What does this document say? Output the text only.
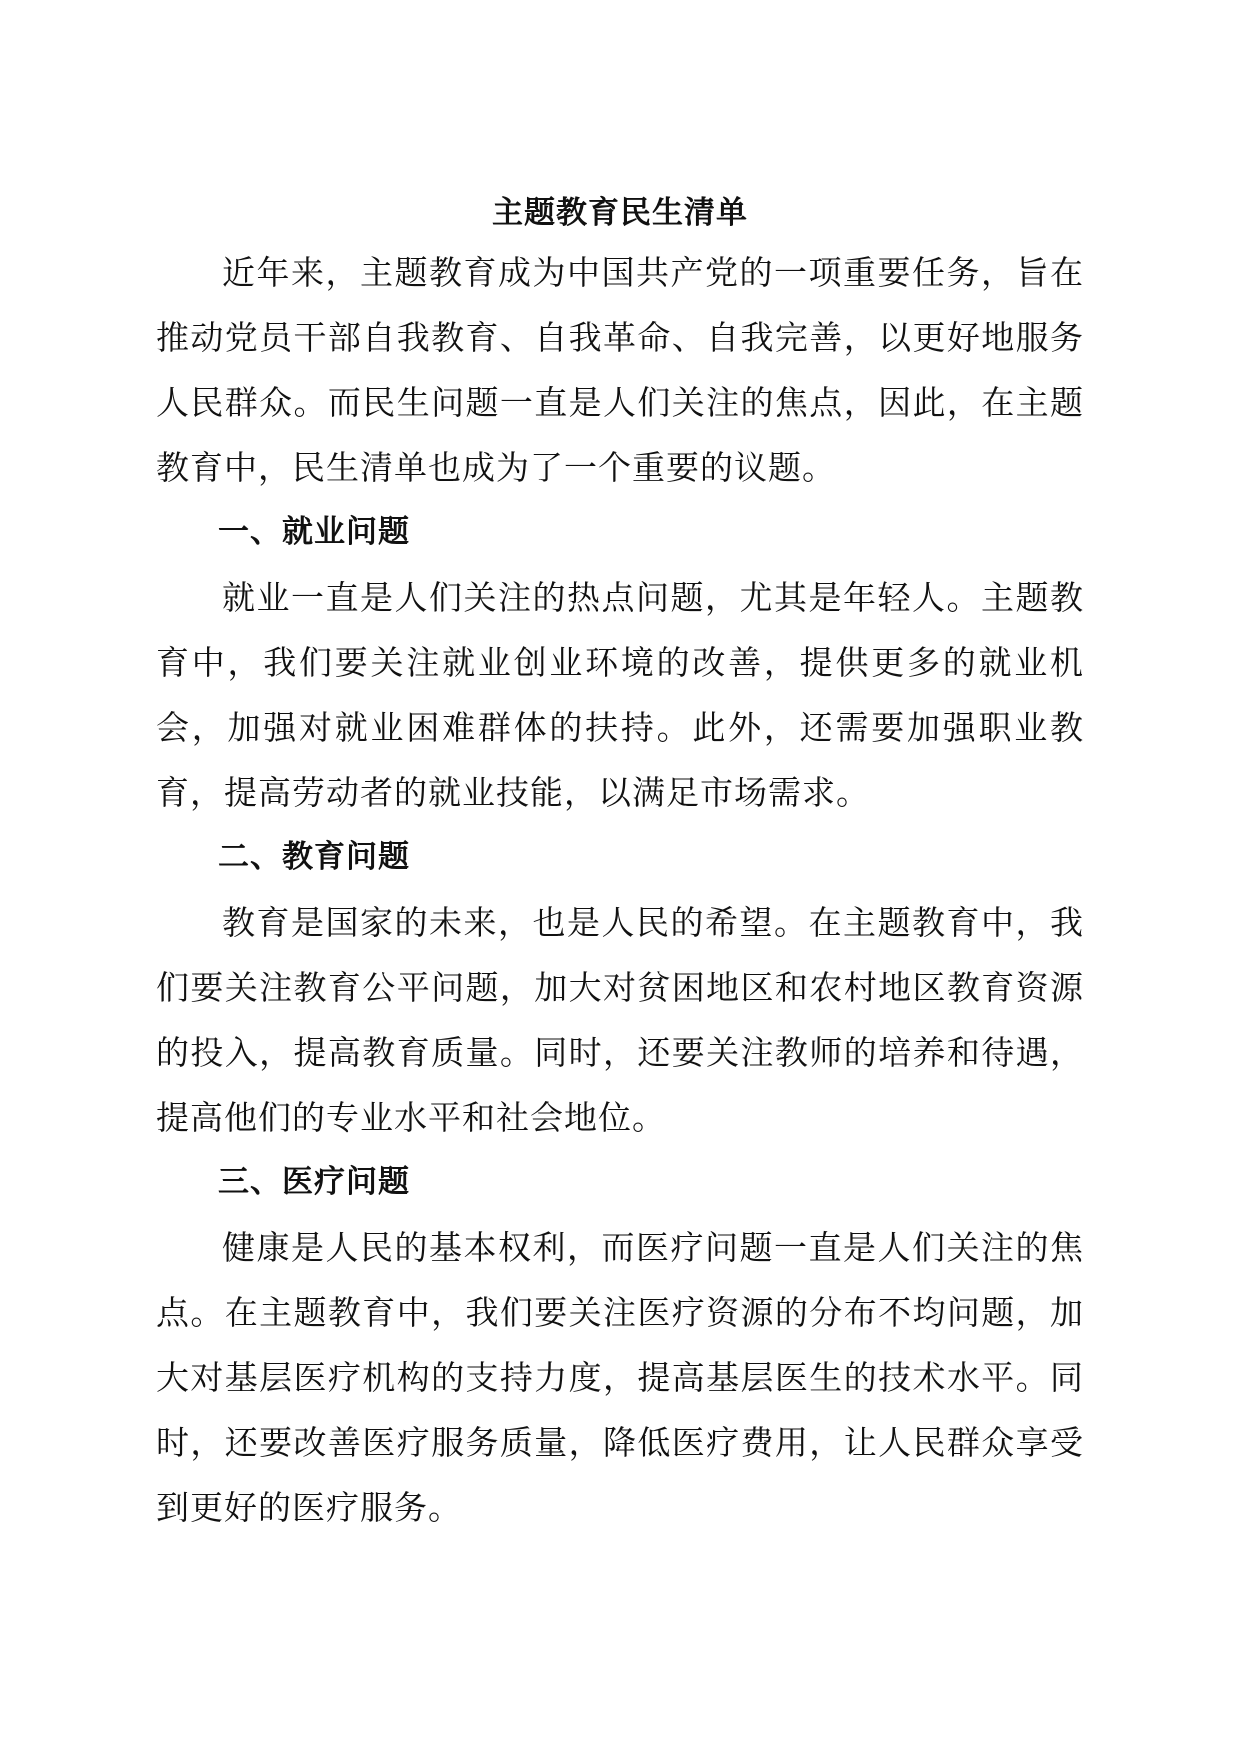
主题教育民生清单

近年来，主题教育成为中国共产党的一项重要任务，旨在推动党员干部自我教育、自我革命、自我完善，以更好地服务人民群众。而民生问题一直是人们关注的焦点，因此，在主题教育中，民生清单也成为了一个重要的议题。

一、就业问题

就业一直是人们关注的热点问题，尤其是年轻人。主题教育中，我们要关注就业创业环境的改善，提供更多的就业机会，加强对就业困难群体的扶持。此外，还需要加强职业教育，提高劳动者的就业技能，以满足市场需求。

二、教育问题

教育是国家的未来，也是人民的希望。在主题教育中，我们要关注教育公平问题，加大对贫困地区和农村地区教育资源的投入，提高教育质量。同时，还要关注教师的培养和待遇，提高他们的专业水平和社会地位。

三、医疗问题

健康是人民的基本权利，而医疗问题一直是人们关注的焦点。在主题教育中，我们要关注医疗资源的分布不均问题，加大对基层医疗机构的支持力度，提高基层医生的技术水平。同时，还要改善医疗服务质量，降低医疗费用，让人民群众享受到更好的医疗服务。
